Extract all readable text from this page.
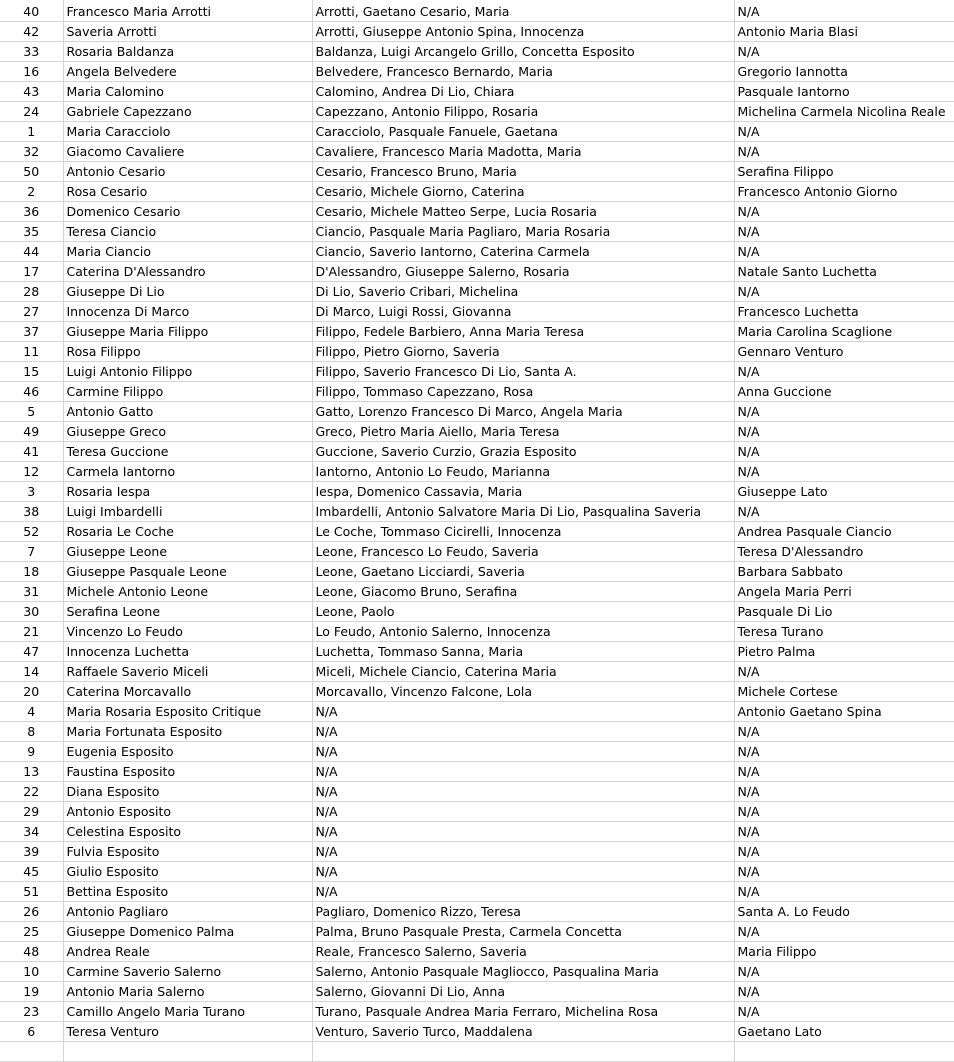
40	Francesco Maria Arrotti	Arrotti, Gaetano Cesario, Maria	N/A
42	Saveria Arrotti	Arrotti, Giuseppe Antonio Spina, Innocenza	Antonio Maria Blasi
33	Rosaria Baldanza	Baldanza, Luigi Arcangelo Grillo, Concetta Esposito	N/A
16	Angela Belvedere	Belvedere, Francesco Bernardo, Maria	Gregorio Iannotta
43	Maria Calomino	Calomino, Andrea Di Lio, Chiara	Pasquale Iantorno
24	Gabriele Capezzano	Capezzano, Antonio Filippo, Rosaria	Michelina Carmela Nicolina Reale
1	Maria Caracciolo	Caracciolo, Pasquale Fanuele, Gaetana	N/A
32	Giacomo Cavaliere	Cavaliere, Francesco Maria Madotta, Maria	N/A
50	Antonio Cesario	Cesario, Francesco Bruno, Maria	Serafina Filippo
2	Rosa Cesario	Cesario, Michele Giorno, Caterina	Francesco Antonio Giorno
36	Domenico Cesario	Cesario, Michele Matteo Serpe, Lucia Rosaria	N/A
35	Teresa Ciancio	Ciancio, Pasquale Maria Pagliaro, Maria Rosaria	N/A
44	Maria Ciancio	Ciancio, Saverio Iantorno, Caterina Carmela	N/A
17	Caterina D'Alessandro	D'Alessandro, Giuseppe Salerno, Rosaria	Natale Santo Luchetta
28	Giuseppe Di Lio	Di Lio, Saverio Cribari, Michelina	N/A
27	Innocenza Di Marco	Di Marco, Luigi Rossi, Giovanna	Francesco Luchetta
37	Giuseppe Maria Filippo	Filippo, Fedele Barbiero, Anna Maria Teresa	Maria Carolina Scaglione
11	Rosa Filippo	Filippo, Pietro Giorno, Saveria	Gennaro Venturo
15	Luigi Antonio Filippo	Filippo, Saverio Francesco Di Lio, Santa A.	N/A
46	Carmine Filippo	Filippo, Tommaso Capezzano, Rosa	Anna Guccione
5	Antonio Gatto	Gatto, Lorenzo Francesco Di Marco, Angela Maria	N/A
49	Giuseppe Greco	Greco, Pietro Maria Aiello, Maria Teresa	N/A
41	Teresa Guccione	Guccione, Saverio Curzio, Grazia Esposito	N/A
12	Carmela Iantorno	Iantorno, Antonio Lo Feudo, Marianna	N/A
3	Rosaria Iespa	Iespa, Domenico Cassavia, Maria	Giuseppe Lato
38	Luigi Imbardelli	Imbardelli, Antonio Salvatore Maria Di Lio, Pasqualina Saveria	N/A
52	Rosaria Le Coche	Le Coche, Tommaso Cicirelli, Innocenza	Andrea Pasquale Ciancio
7	Giuseppe Leone	Leone, Francesco Lo Feudo, Saveria	Teresa D'Alessandro
18	Giuseppe Pasquale Leone	Leone, Gaetano Licciardi, Saveria	Barbara Sabbato
31	Michele Antonio Leone	Leone, Giacomo Bruno, Serafina	Angela Maria Perri
30	Serafina Leone	Leone, Paolo	Pasquale Di Lio
21	Vincenzo Lo Feudo	Lo Feudo, Antonio Salerno, Innocenza	Teresa Turano
47	Innocenza Luchetta	Luchetta, Tommaso Sanna, Maria	Pietro Palma
14	Raffaele Saverio Miceli	Miceli, Michele Ciancio, Caterina Maria	N/A
20	Caterina Morcavallo	Morcavallo, Vincenzo Falcone, Lola	Michele Cortese
4	Maria Rosaria Esposito Critique	N/A	Antonio Gaetano Spina
8	Maria Fortunata Esposito	N/A	N/A
9	Eugenia Esposito	N/A	N/A
13	Faustina Esposito	N/A	N/A
22	Diana Esposito	N/A	N/A
29	Antonio Esposito	N/A	N/A
34	Celestina Esposito	N/A	N/A
39	Fulvia Esposito	N/A	N/A
45	Giulio Esposito	N/A	N/A
51	Bettina Esposito	N/A	N/A
26	Antonio Pagliaro	Pagliaro, Domenico Rizzo, Teresa	Santa A. Lo Feudo
25	Giuseppe Domenico Palma	Palma, Bruno Pasquale Presta, Carmela Concetta	N/A
48	Andrea Reale	Reale, Francesco Salerno, Saveria	Maria Filippo
10	Carmine Saverio Salerno	Salerno, Antonio Pasquale Magliocco, Pasqualina Maria	N/A
19	Antonio Maria Salerno	Salerno, Giovanni Di Lio, Anna	N/A
23	Camillo Angelo Maria Turano	Turano, Pasquale Andrea Maria Ferraro, Michelina Rosa	N/A
6	Teresa Venturo	Venturo, Saverio Turco, Maddalena	Gaetano Lato
